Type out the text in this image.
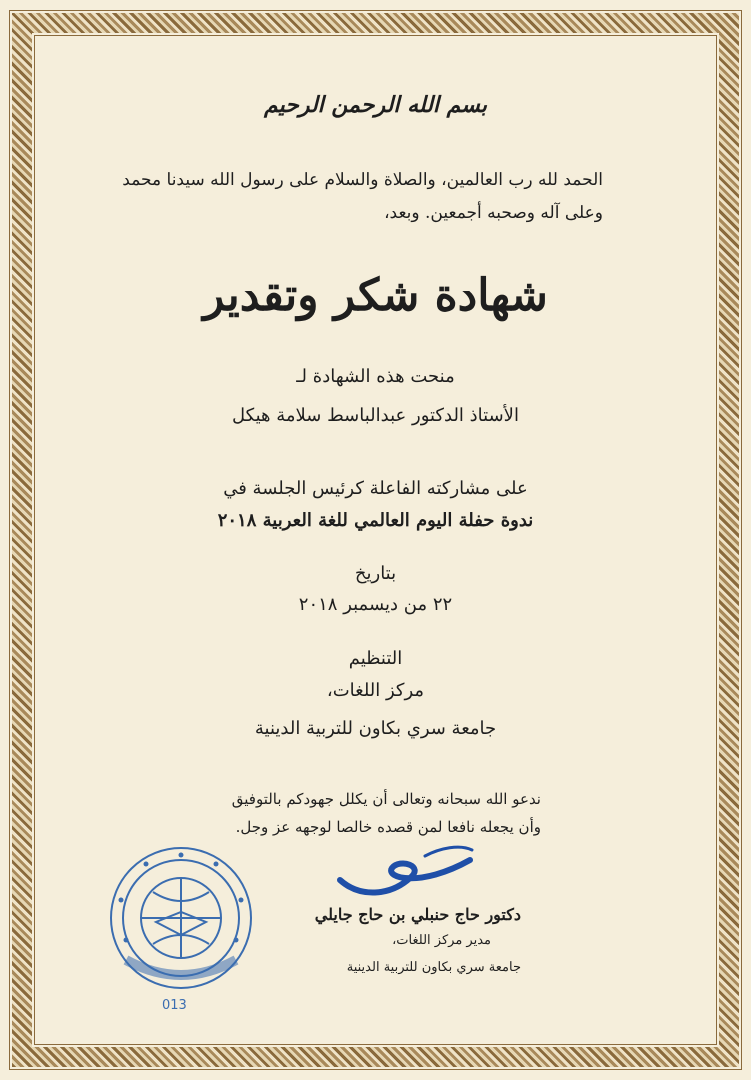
بسم الله الرحمن الرحيم
الحمد لله رب العالمين، والصلاة والسلام على رسول الله سيدنا محمد
وعلى آله وصحبه أجمعين. وبعد،
شهادة شكر وتقدير
منحت هذه الشهادة لـ
الأستاذ الدكتور عبدالباسط سلامة هيكل
على مشاركته الفاعلة كرئيس الجلسة في
ندوة حفلة اليوم العالمي للغة العربية ٢٠١٨
بتاريخ
٢٢ من ديسمبر ٢٠١٨
التنظيم
مركز اللغات،
جامعة سري بكاون للتربية الدينية
ندعو الله سبحانه وتعالى أن يكلل جهودكم بالتوفيق
وأن يجعله نافعا لمن قصده خالصا لوجهه عز وجل.
دكتور حاج حنبلي بن حاج جايلي
مدير مركز اللغات،
جامعة سري بكاون للتربية الدينية
013
